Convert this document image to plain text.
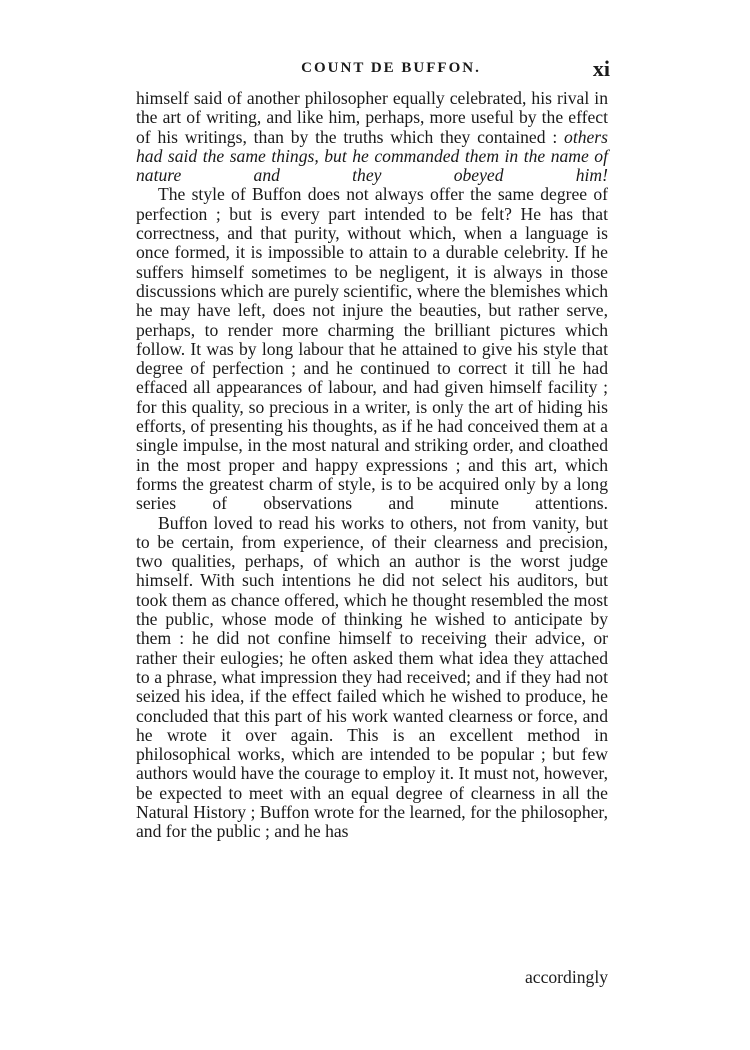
COUNT DE BUFFON.	xi

himself said of another philosopher equally celebrated, his rival in the art of writing, and like him, perhaps, more useful by the effect of his writings, than by the truths which they contained : others had said the same things, but he commanded them in the name of nature and they obeyed him!

The style of Buffon does not always offer the same degree of perfection ; but is every part intended to be felt? He has that correctness, and that purity, without which, when a language is once formed, it is impossible to attain to a durable celebrity. If he suffers himself sometimes to be negligent, it is always in those discussions which are purely scientific, where the blemishes which he may have left, does not injure the beauties, but rather serve, perhaps, to render more charming the brilliant pictures which follow. It was by long labour that he attained to give his style that degree of perfection ; and he continued to correct it till he had effaced all appearances of labour, and had given himself facility ; for this quality, so precious in a writer, is only the art of hiding his efforts, of presenting his thoughts, as if he had conceived them at a single impulse, in the most natural and striking order, and cloathed in the most proper and happy expressions ; and this art, which forms the greatest charm of style, is to be acquired only by a long series of observations and minute attentions.

Buffon loved to read his works to others, not from vanity, but to be certain, from experience, of their clearness and precision, two qualities, perhaps, of which an author is the worst judge himself. With such intentions he did not select his auditors, but took them as chance offered, which he thought resembled the most the public, whose mode of thinking he wished to anticipate by them : he did not confine himself to receiving their advice, or rather their eulogies; he often asked them what idea they attached to a phrase, what impression they had received; and if they had not seized his idea, if the effect failed which he wished to produce, he concluded that this part of his work wanted clearness or force, and he wrote it over again. This is an excellent method in philosophical works, which are intended to be popular ; but few authors would have the courage to employ it. It must not, however, be expected to meet with an equal degree of clearness in all the Natural History ; Buffon wrote for the learned, for the philosopher, and for the public ; and he has

accordingly
